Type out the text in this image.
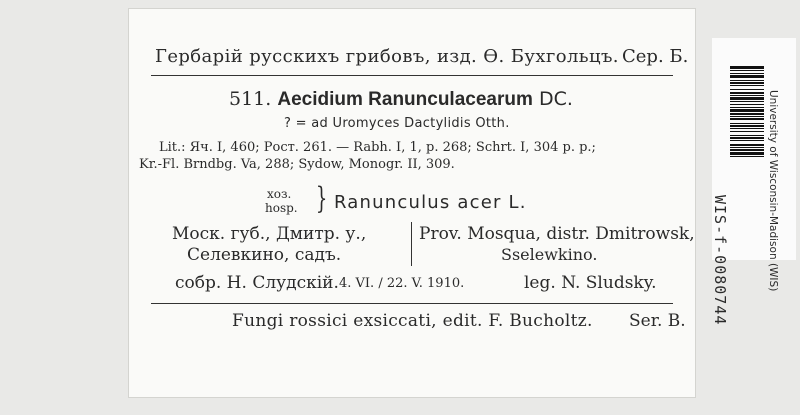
Гербарій русскихъ грибовъ, изд. Ѳ. Бухгольцъ. Сер. Б.
511. Aecidium Ranunculacearum DC.
? = ad Uromyces Dactylidis Otth.
Lit.: Яч. I, 460; Рост. 261. — Rabh. I, 1, p. 268; Schrt. I, 304 p. p.;
Kr.-Fl. Brndbg. Va, 288; Sydow, Monogr. II, 309.
хоз.
hosp. } Ranunculus acer L.
Моск. губ., Дмитр. у.,
Селевкино, садъ.
Prov. Mosqua, distr. Dmitrowsk,
Sselewkino.
собр. Н. Слудскій. 4. VI. / 22. V. 1910.	leg. N. Sludsky.
Fungi rossici exsiccati, edit. F. Bucholtz. Ser. B. WIS-f-0080744	University of Wisconsin-Madison (WIS)
